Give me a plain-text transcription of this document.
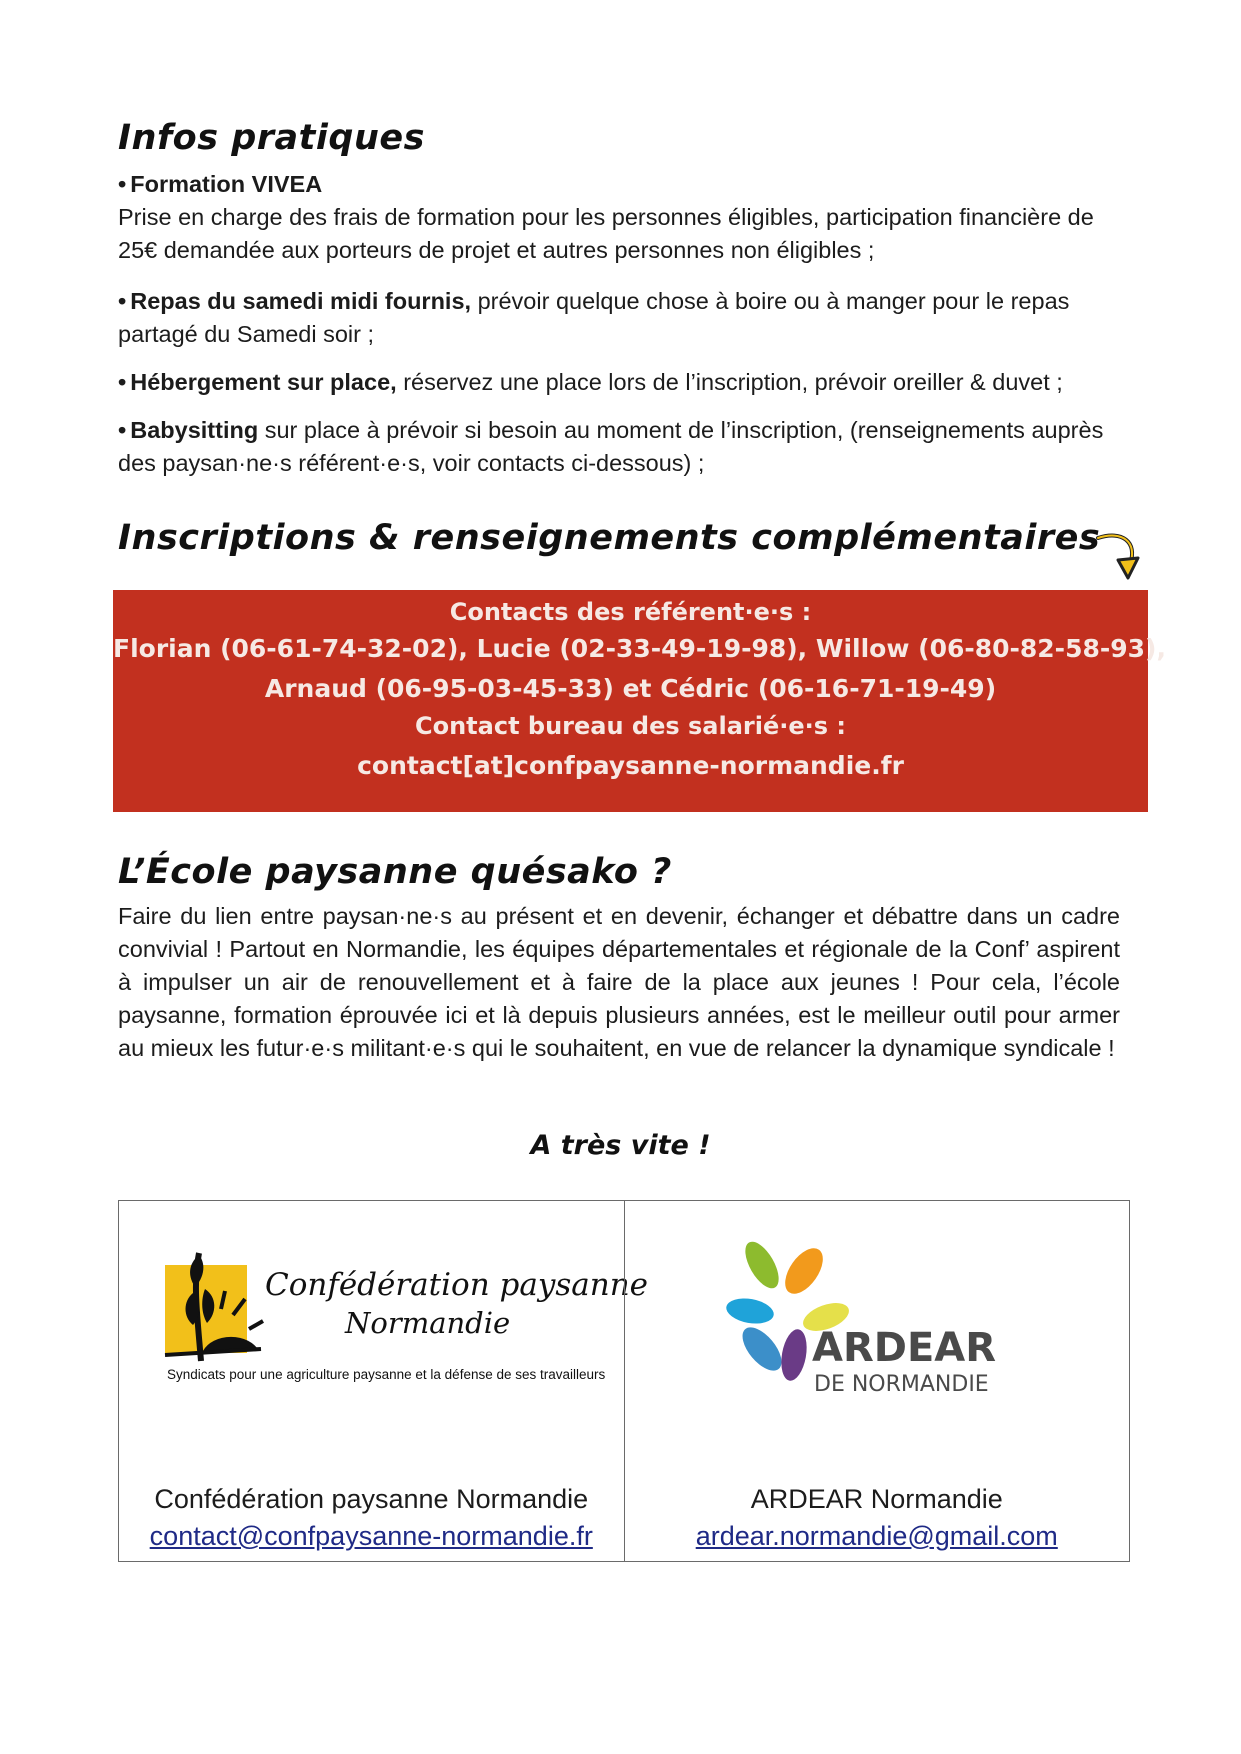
Infos pratiques

• Formation VIVEA
Prise en charge des frais de formation pour les personnes éligibles, participation financière de 25€ demandée aux porteurs de projet et autres personnes non éligibles ;

• Repas du samedi midi fournis, prévoir quelque chose à boire ou à manger pour le repas partagé du Samedi soir ;

• Hébergement sur place, réservez une place lors de l’inscription, prévoir oreiller & duvet ;

• Babysitting sur place à prévoir si besoin au moment de l’inscription, (renseignements auprès des paysan·ne·s référent·e·s, voir contacts ci-dessous) ;

Inscriptions & renseignements complémentaires
Contacts des référent·e·s :
Florian (06-61-74-32-02), Lucie (02-33-49-19-98), Willow (06-80-82-58-93),
Arnaud (06-95-03-45-33) et Cédric (06-16-71-19-49)
Contact bureau des salarié·e·s :
contact[at]confpaysanne-normandie.fr
L’École paysanne quésako ?

Faire du lien entre paysan·ne·s au présent et en devenir, échanger et débattre dans un cadre convivial ! Partout en Normandie, les équipes départementales et régionale de la Conf’ aspirent à impulser un air de renouvellement et à faire de la place aux jeunes ! Pour cela, l’école paysanne, formation éprouvée ici et là depuis plusieurs années, est le meilleur outil pour armer au mieux les futur·e·s militant·e·s qui le souhaitent, en vue de relancer la dynamique syndicale !

A très vite !

Confédération paysanne
Normandie
Syndicats pour une agriculture paysanne et la défense de ses travailleurs
Confédération paysanne Normandie
contact@confpaysanne-normandie.fr
ARDEAR
DE NORMANDIE
ARDEAR Normandie
ardear.normandie@gmail.com
